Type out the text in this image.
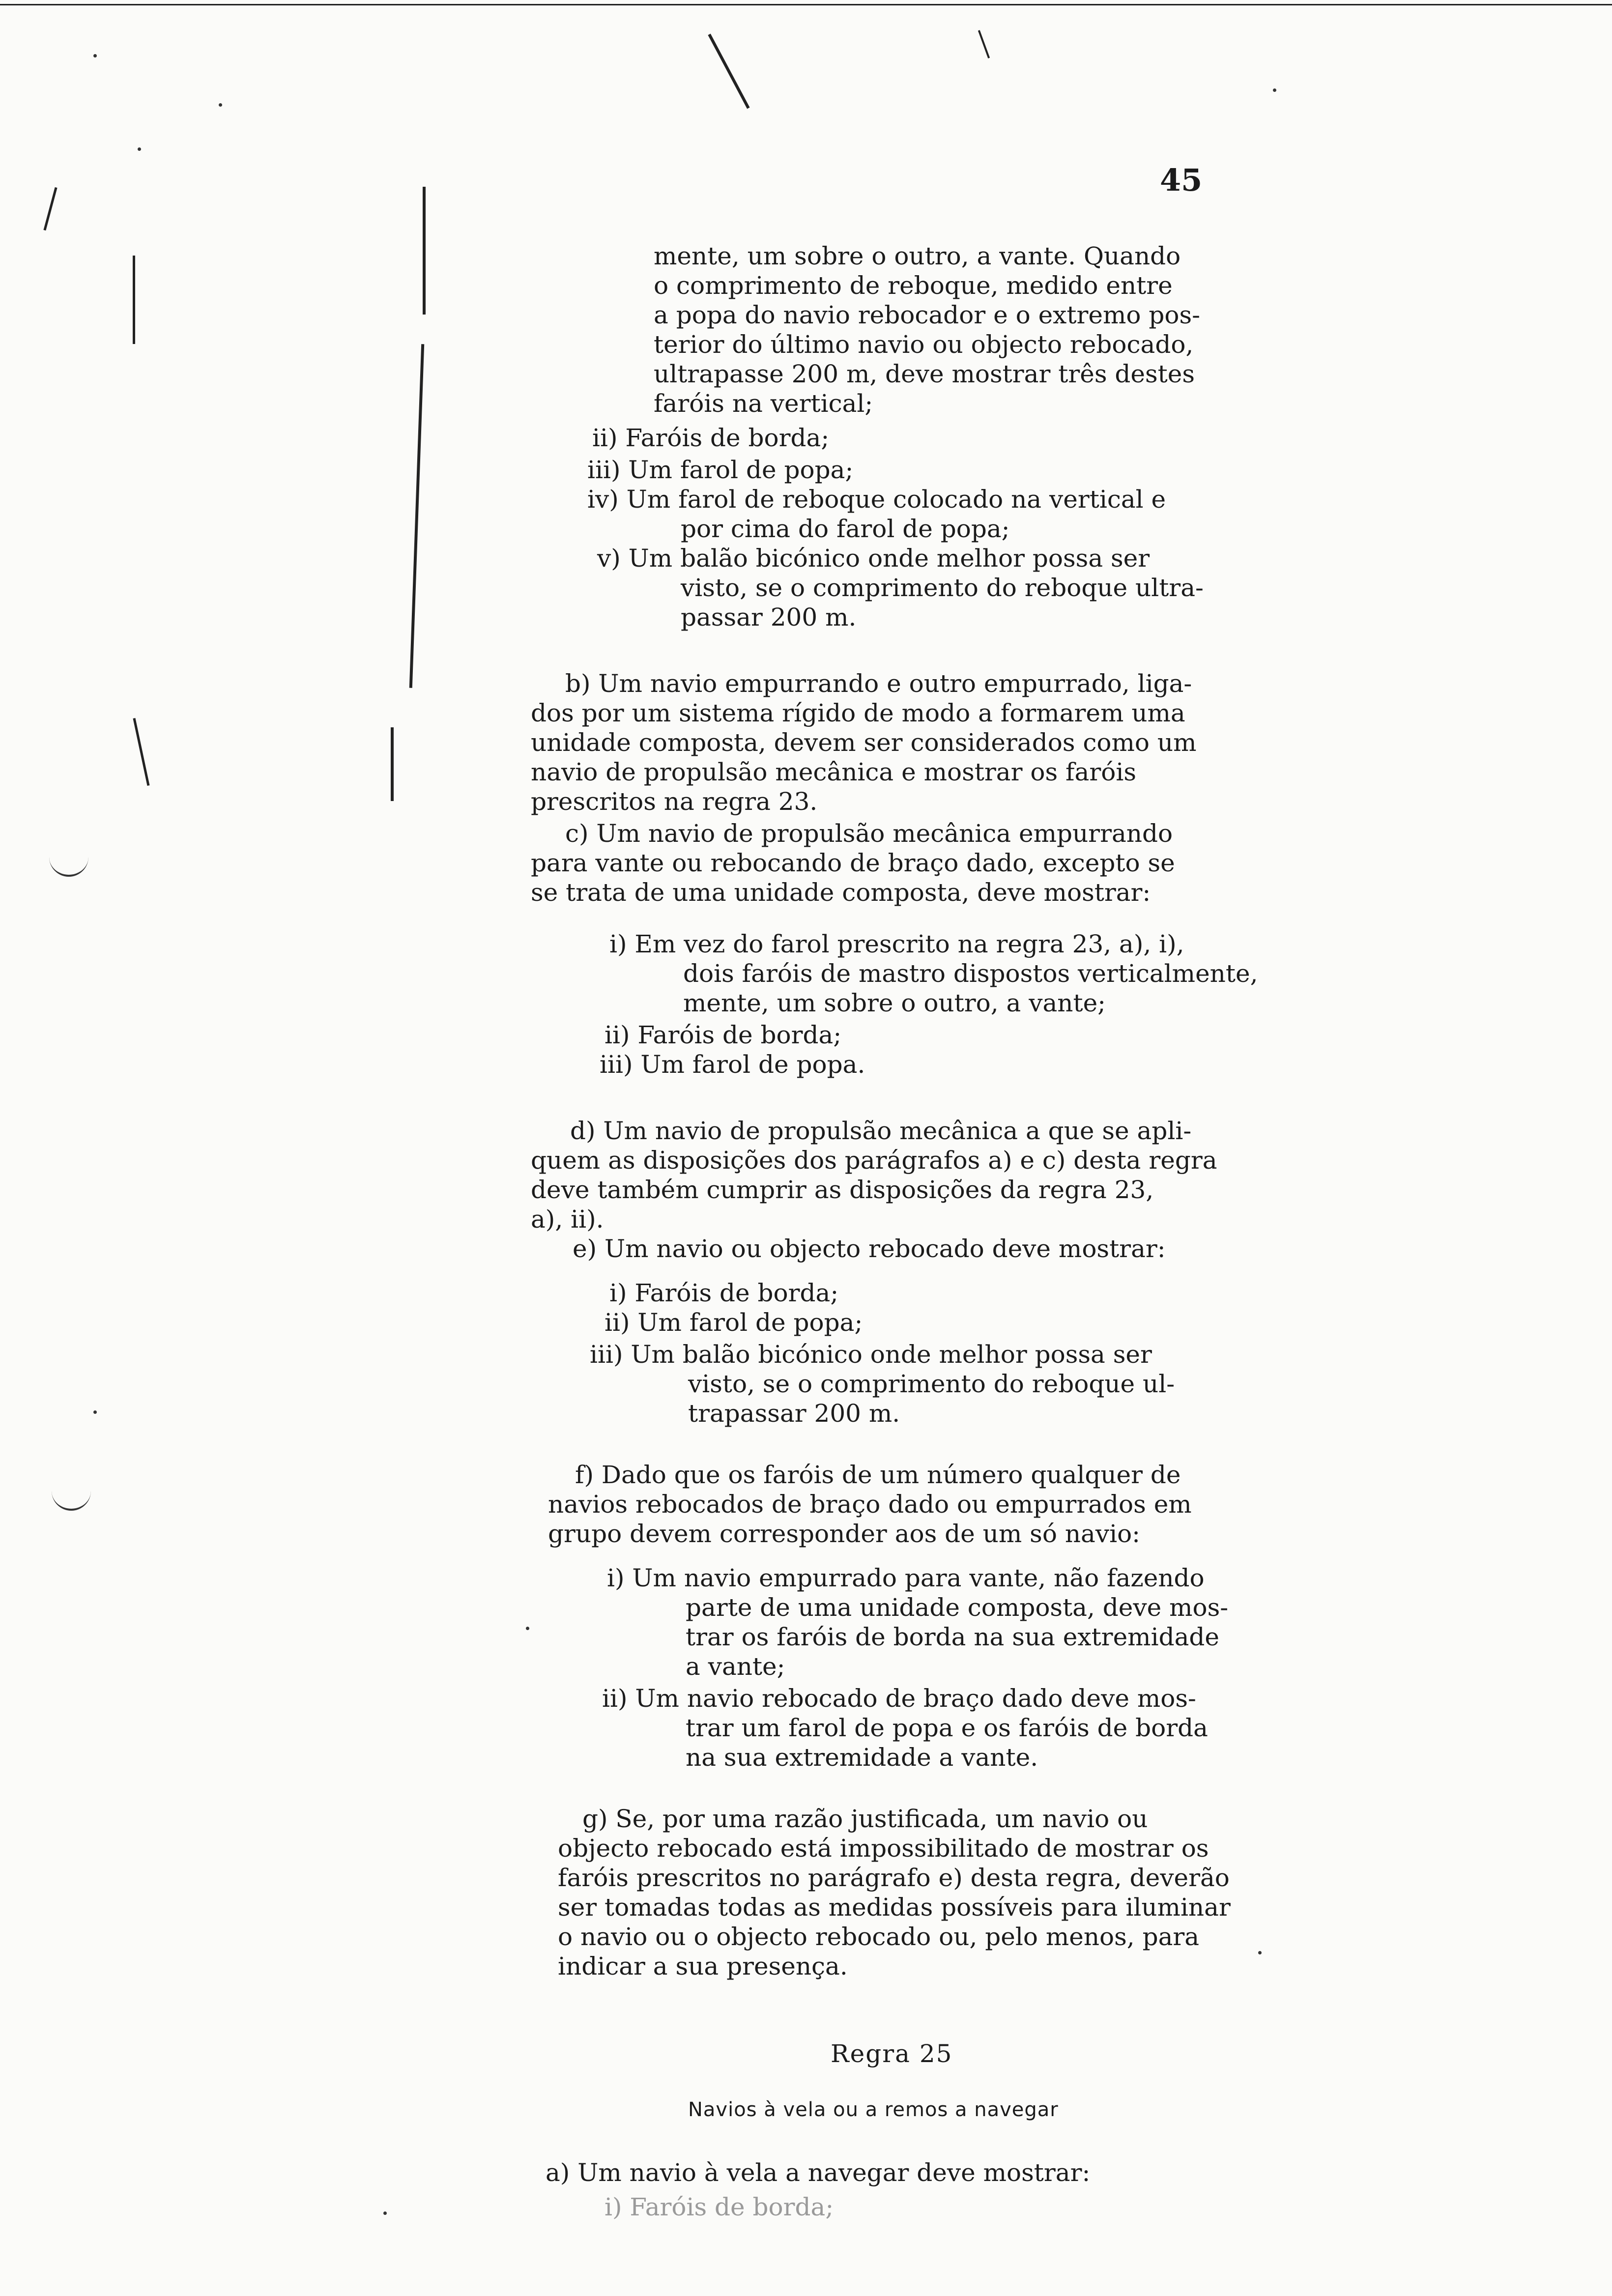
45
mente, um sobre o outro, a vante. Quando
o comprimento de reboque, medido entre
a popa do navio rebocador e o extremo pos-
terior do último navio ou objecto rebocado,
ultrapasse 200 m, deve mostrar três destes
faróis na vertical;
ii) Faróis de borda;
iii) Um farol de popa;
iv) Um farol de reboque colocado na vertical e
por cima do farol de popa;
v) Um balão bicónico onde melhor possa ser
visto, se o comprimento do reboque ultra-
passar 200 m.
b) Um navio empurrando e outro empurrado, liga-
dos por um sistema rígido de modo a formarem uma
unidade composta, devem ser considerados como um
navio de propulsão mecânica e mostrar os faróis
prescritos na regra 23.
c) Um navio de propulsão mecânica empurrando
para vante ou rebocando de braço dado, excepto se
se trata de uma unidade composta, deve mostrar:
i) Em vez do farol prescrito na regra 23, a), i),
dois faróis de mastro dispostos verticalmente,
mente, um sobre o outro, a vante;
ii) Faróis de borda;
iii) Um farol de popa.
d) Um navio de propulsão mecânica a que se apli-
quem as disposições dos parágrafos a) e c) desta regra
deve também cumprir as disposições da regra 23,
a), ii).
e) Um navio ou objecto rebocado deve mostrar:
i) Faróis de borda;
ii) Um farol de popa;
iii) Um balão bicónico onde melhor possa ser
visto, se o comprimento do reboque ul-
trapassar 200 m.
f) Dado que os faróis de um número qualquer de
navios rebocados de braço dado ou empurrados em
grupo devem corresponder aos de um só navio:
i) Um navio empurrado para vante, não fazendo
parte de uma unidade composta, deve mos-
trar os faróis de borda na sua extremidade
a vante;
ii) Um navio rebocado de braço dado deve mos-
trar um farol de popa e os faróis de borda
na sua extremidade a vante.
g) Se, por uma razão justificada, um navio ou
objecto rebocado está impossibilitado de mostrar os
faróis prescritos no parágrafo e) desta regra, deverão
ser tomadas todas as medidas possíveis para iluminar
o navio ou o objecto rebocado ou, pelo menos, para
indicar a sua presença.
Regra 25
Navios à vela ou a remos a navegar
a) Um navio à vela a navegar deve mostrar:
i) Faróis de borda;
